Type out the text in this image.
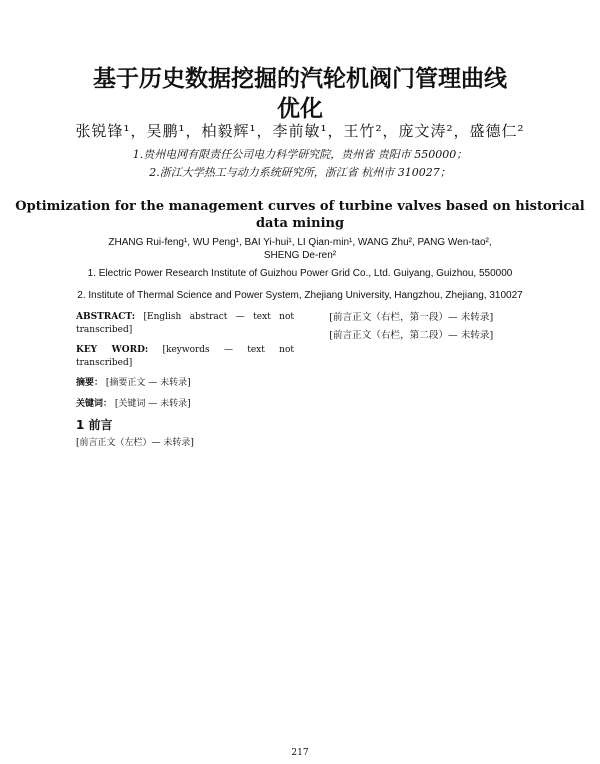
基于历史数据挖掘的汽轮机阀门管理曲线
优化
张锐锋¹，吴鹏¹，柏毅辉¹，李前敏¹，王竹²，庞文涛²，盛德仁²
1.贵州电网有限责任公司电力科学研究院，贵州省 贵阳市 550000；
2.浙江大学热工与动力系统研究所，浙江省 杭州市 310027；
Optimization for the management curves of turbine valves based on historical data mining
ZHANG Rui-feng¹, WU Peng¹, BAI Yi-hui¹, LI Qian-min¹, WANG Zhu², PANG Wen-tao², SHENG De-ren²
1. Electric Power Research Institute of Guizhou Power Grid Co., Ltd. Guiyang, Guizhou, 550000
2. Institute of Thermal Science and Power System, Zhejiang University, Hangzhou, Zhejiang, 310027
ABSTRACT: [English abstract — text not transcribed]
KEY WORD: [keywords — text not transcribed]
摘要： [摘要正文 — 未转录]
关键词： [关键词 — 未转录]
1 前言
[前言正文（左栏）— 未转录]

[前言正文（右栏，第一段）— 未转录]

[前言正文（右栏，第二段）— 未转录]

217
